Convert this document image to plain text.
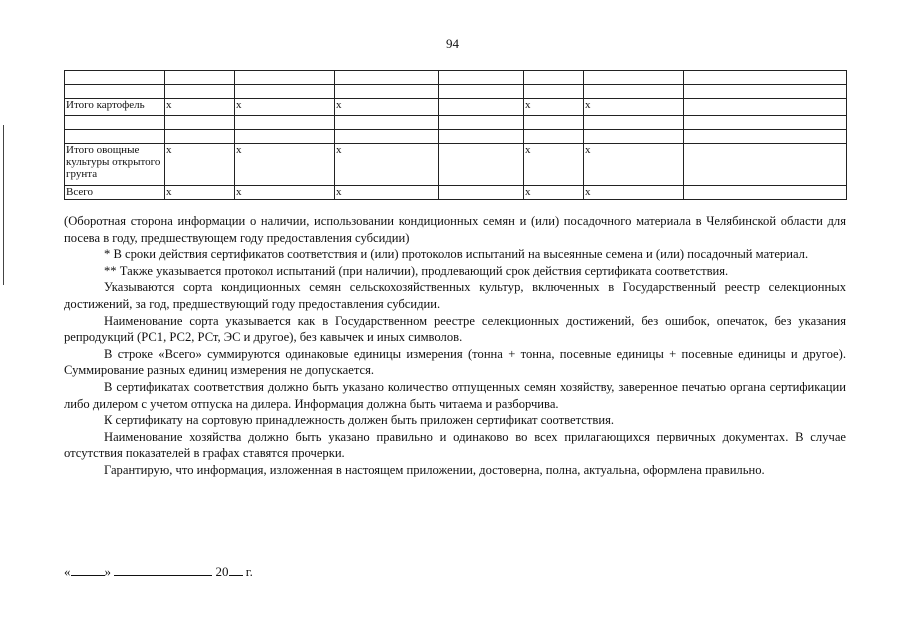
94

Итого картофель	x	x	x		x	x	

Итого овощные культуры открытого грунта	x	x	x		x	x	
Всего	x	x	x		x	x	

(Оборотная сторона информации о наличии, использовании кондиционных семян и (или) посадочного материала в Челябинской области для посева в году, предшествующем году предоставления субсидии)

* В сроки действия сертификатов соответствия и (или) протоколов испытаний на высеянные семена и (или) посадочный материал.

** Также указывается протокол испытаний (при наличии), продлевающий срок действия сертификата соответствия.

Указываются сорта кондиционных семян сельскохозяйственных культур, включенных в Государственный реестр селекционных достижений, за год, предшествующий году предоставления субсидии.

Наименование сорта указывается как в Государственном реестре селекционных достижений, без ошибок, опечаток, без указания репродукций (РС1, РС2, РСт, ЭС и другое), без кавычек и иных символов.

В строке «Всего» суммируются одинаковые единицы измерения (тонна + тонна, посевные единицы + посевные единицы и другое). Суммирование разных единиц измерения не допускается.

В сертификатах соответствия должно быть указано количество отпущенных семян хозяйству, заверенное печатью органа сертификации либо дилером с учетом отпуска на дилера. Информация должна быть читаема и разборчива.

К сертификату на сортовую принадлежность должен быть приложен сертификат соответствия.

Наименование хозяйства должно быть указано правильно и одинаково во всех прилагающихся первичных документах. В случае отсутствия показателей в графах ставятся прочерки.

Гарантирую, что информация, изложенная в настоящем приложении, достоверна, полна, актуальна, оформлена правильно.

«	»	20 г.
